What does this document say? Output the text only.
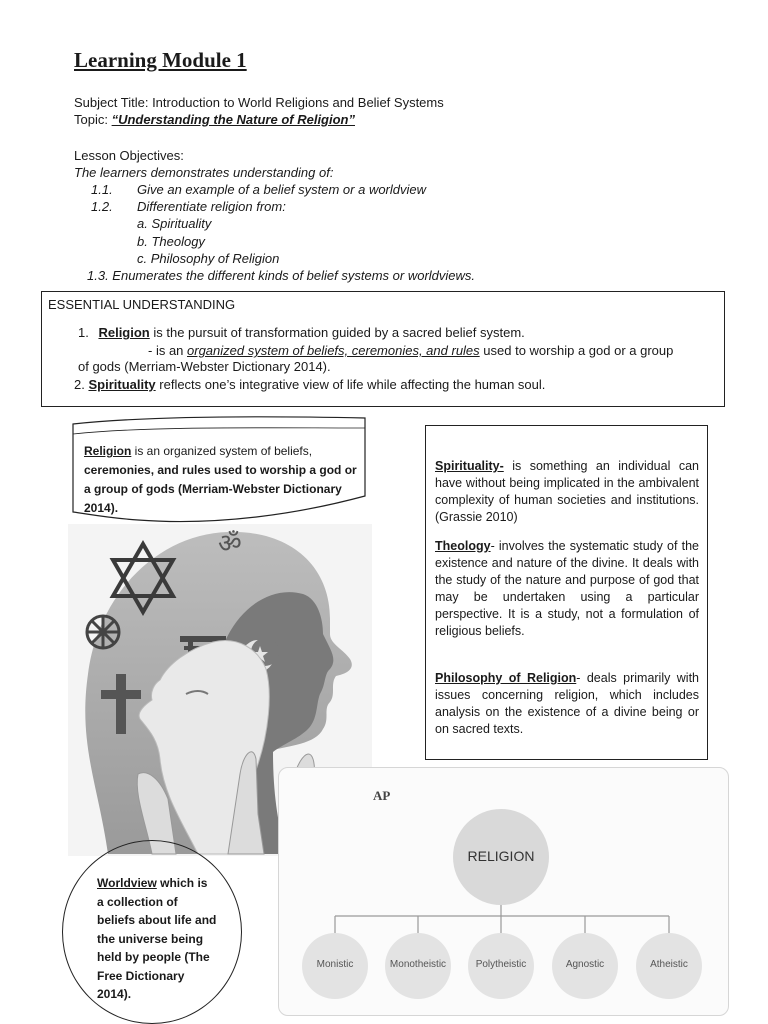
Learning Module 1
Subject Title: Introduction to World Religions and Belief Systems
Topic: “Understanding the Nature of Religion”
Lesson Objectives:
The learners demonstrates understanding of:
1.1. Give an example of a belief system or a worldview
1.2. Differentiate religion from:
a. Spirituality
b. Theology
c. Philosophy of Religion
1.3. Enumerates the different kinds of belief systems or worldviews.
ESSENTIAL UNDERSTANDING
1. Religion is the pursuit of transformation guided by a sacred belief system.
- is an organized system of beliefs, ceremonies, and rules used to worship a god or a group
of gods (Merriam-Webster Dictionary 2014).
2. Spirituality reflects one’s integrative view of life while affecting the human soul.
Religion is an organized system of beliefs,
ceremonies, and rules used to worship a god or
a group of gods (Merriam-Webster Dictionary
2014).
ॐ
Spirituality- is something an individual can have without being implicated in the ambivalent complexity of human societies and institutions. (Grassie 2010)
Theology- involves the systematic study of the existence and nature of the divine. It deals with the study of the nature and purpose of god that may be undertaken using a particular perspective. It is a study, not a formulation of religious beliefs.
Philosophy of Religion- deals primarily with issues concerning religion, which includes analysis on the existence of a divine being or on sacred texts.
AP
RELIGION
Monistic	Monotheistic	Polytheistic	Agnostic	Atheistic
Worldview which is
a collection of
beliefs about life and
the universe being
held by people (The
Free Dictionary
2014).
